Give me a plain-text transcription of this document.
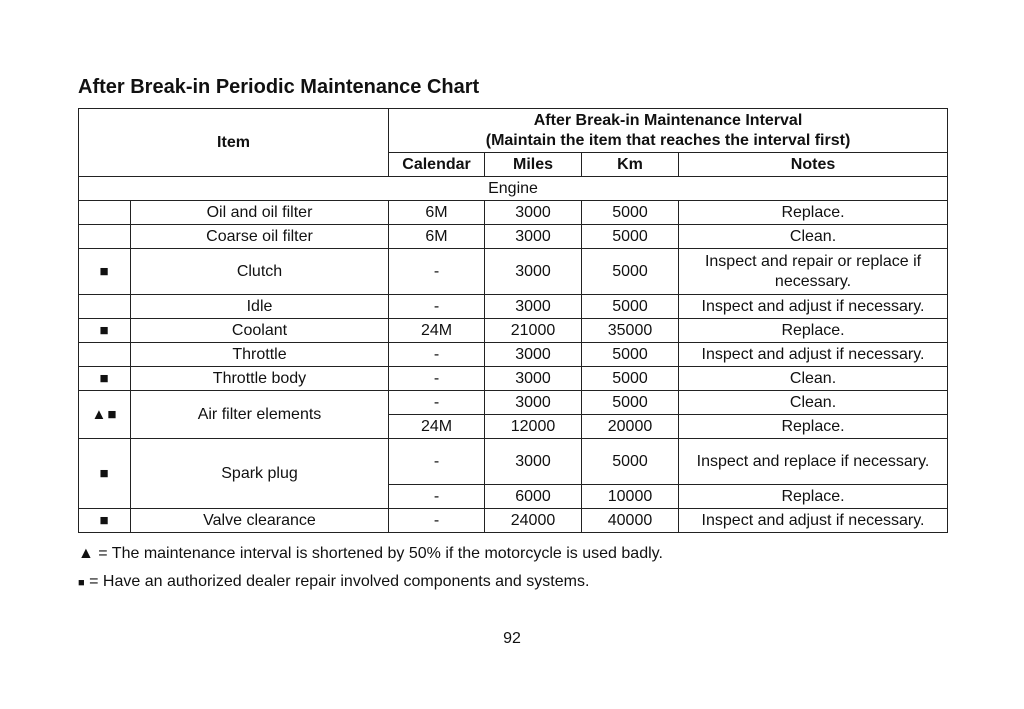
After Break-in Periodic Maintenance Chart
Item		After Break-in Maintenance Interval
(Maintain the item that reaches the interval first)			

		Calendar	Miles	Km	Notes
Engine					
	Oil and oil filter	6M	3000	5000	Replace.
	Coarse oil filter	6M	3000	5000	Clean.
■	Clutch	-	3000	5000	Inspect and repair or replace if necessary.
	Idle	-	3000	5000	Inspect and adjust if necessary.
■	Coolant	24M	21000	35000	Replace.
	Throttle	-	3000	5000	Inspect and adjust if necessary.
■	Throttle body	-	3000	5000	Clean.
▲■	Air filter elements	-	3000	5000	Clean.
		24M	12000	20000	Replace.
■	Spark plug	-	3000	5000	Inspect and replace if necessary.
		-	6000	10000	Replace.
■	Valve clearance	-	24000	40000	Inspect and adjust if necessary.

▲ = The maintenance interval is shortened by 50% if the motorcycle is used badly.

■ = Have an authorized dealer repair involved components and systems.

92
